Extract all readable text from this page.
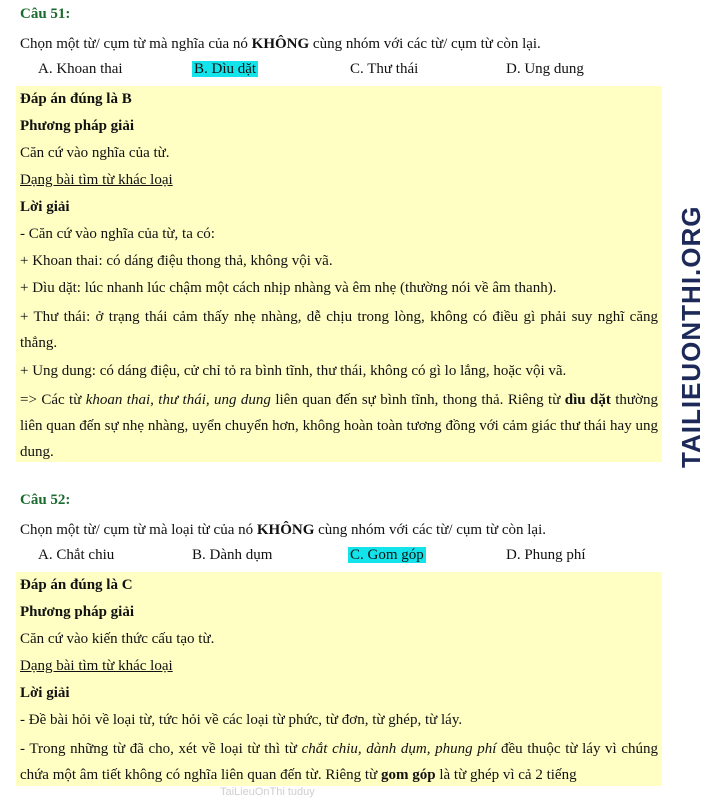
Câu 51:
Chọn một từ/ cụm từ mà nghĩa của nó KHÔNG cùng nhóm với các từ/ cụm từ còn lại.
A. Khoan thai	B. Dìu dặt	C. Thư thái	D. Ung dung
Đáp án đúng là B
Phương pháp giải
Căn cứ vào nghĩa của từ.
Dạng bài tìm từ khác loại
Lời giải
- Căn cứ vào nghĩa của từ, ta có:
+ Khoan thai: có dáng điệu thong thả, không vội vã.
+ Dìu dặt: lúc nhanh lúc chậm một cách nhịp nhàng và êm nhẹ (thường nói về âm thanh).
+ Thư thái: ở trạng thái cảm thấy nhẹ nhàng, dễ chịu trong lòng, không có điều gì phải suy nghĩ căng thẳng.
+ Ung dung: có dáng điệu, cử chỉ tỏ ra bình tĩnh, thư thái, không có gì lo lắng, hoặc vội vã.
=> Các từ khoan thai, thư thái, ung dung liên quan đến sự bình tĩnh, thong thả. Riêng từ dìu dặt thường liên quan đến sự nhẹ nhàng, uyển chuyển hơn, không hoàn toàn tương đồng với cảm giác thư thái hay ung dung.
Câu 52:
Chọn một từ/ cụm từ mà loại từ của nó KHÔNG cùng nhóm với các từ/ cụm từ còn lại.
A. Chắt chiu	B. Dành dụm	C. Gom góp	D. Phung phí
Đáp án đúng là C
Phương pháp giải
Căn cứ vào kiến thức cấu tạo từ.
Dạng bài tìm từ khác loại
Lời giải
- Đề bài hỏi về loại từ, tức hỏi về các loại từ phức, từ đơn, từ ghép, từ láy.
- Trong những từ đã cho, xét về loại từ thì từ chắt chiu, dành dụm, phung phí đều thuộc từ láy vì chúng chứa một âm tiết không có nghĩa liên quan đến từ. Riêng từ gom góp là từ ghép vì cả 2 tiếng
TAILIEUONTHI.ORG
TaiLieuOnThi tuduy
